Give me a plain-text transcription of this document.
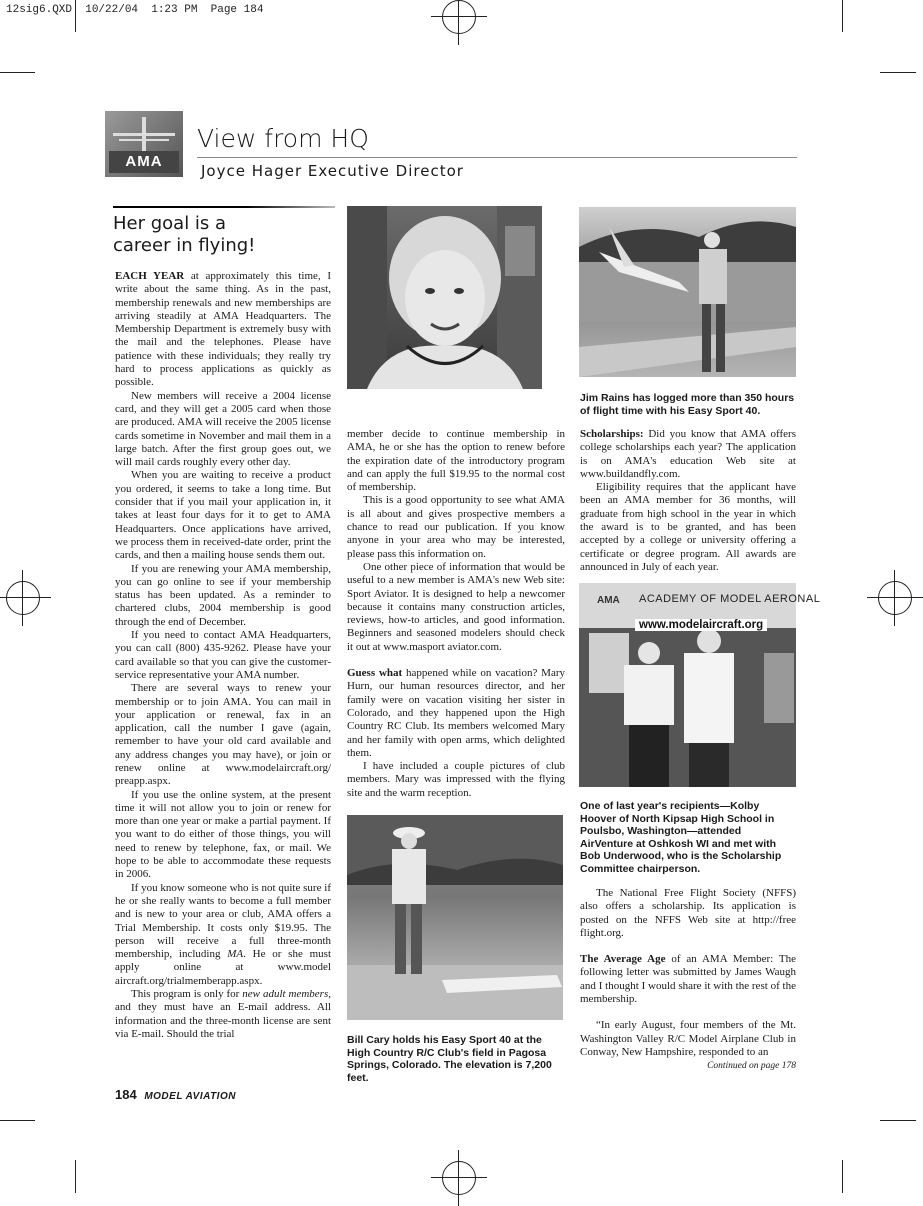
12sig6.QXD  10/22/04  1:23 PM  Page 184
AMA
View from HQ
Joyce Hager Executive Director
Her goal is a
career in flying!

EACH YEAR at approximately this time, I write about the same thing. As in the past, membership renewals and new memberships are arriving steadily at AMA Headquarters. The Membership Department is extremely busy with the mail and the telephones. Please have patience with these individuals; they really try hard to process applications as quickly as possible.

New members will receive a 2004 license card, and they will get a 2005 card when those are produced. AMA will receive the 2005 license cards sometime in November and mail them in a large batch. After the first group goes out, we will mail cards roughly every other day.

When you are waiting to receive a product you ordered, it seems to take a long time. But consider that if you mail your application in, it takes at least four days for it to get to AMA Headquarters. Once applications have arrived, we process them in received-date order, print the cards, and then a mailing house sends them out.

If you are renewing your AMA membership, you can go online to see if your membership status has been updated. As a reminder to chartered clubs, 2004 membership is good through the end of December.

If you need to contact AMA Headquarters, you can call (800) 435-9262. Please have your card available so that you can give the customer-service representative your AMA number.

There are several ways to renew your membership or to join AMA. You can mail in your application or renewal, fax in an application, call the number I gave (again, remember to have your old card available and any address changes you may have), or join or renew online at www.modelaircraft.org/ preapp.aspx.

If you use the online system, at the present time it will not allow you to join or renew for more than one year or make a partial payment. If you want to do either of those things, you will need to renew by telephone, fax, or mail. We hope to be able to accommodate these requests in 2006.

If you know someone who is not quite sure if he or she really wants to become a full member and is new to your area or club, AMA offers a Trial Membership. It costs only $19.95. The person will receive a full three-month membership, including MA. He or she must apply online at www.model aircraft.org/trialmemberapp.aspx.

This program is only for new adult members, and they must have an E-mail address. All information and the three-month license are sent via E-mail. Should the trial

member decide to continue membership in AMA, he or she has the option to renew before the expiration date of the introductory program and can apply the full $19.95 to the normal cost of membership.

This is a good opportunity to see what AMA is all about and gives prospective members a chance to read our publication. If you know anyone in your area who may be interested, please pass this information on.

One other piece of information that would be useful to a new member is AMA's new Web site: Sport Aviator. It is designed to help a newcomer because it contains many construction articles, reviews, how-to articles, and good information. Beginners and seasoned modelers should check it out at www.masport aviator.com.

Guess what happened while on vacation? Mary Hurn, our human resources director, and her family were on vacation visiting her sister in Colorado, and they happened upon the High Country RC Club. Its members welcomed Mary and her family with open arms, which delighted them.

I have included a couple pictures of club members. Mary was impressed with the flying site and the warm reception.

Scholarships: Did you know that AMA offers college scholarships each year? The application is on AMA's education Web site at www.buildandfly.com.

Eligibility requires that the applicant have been an AMA member for 36 months, will graduate from high school in the year in which the award is to be granted, and has been accepted by a college or university offering a certificate or degree program. All awards are announced in July of each year.

The National Free Flight Society (NFFS) also offers a scholarship. Its application is posted on the NFFS Web site at http://free flight.org.

The Average Age of an AMA Member: The following letter was submitted by James Waugh and I thought I would share it with the rest of the membership.

“In early August, four members of the Mt. Washington Valley R/C Model Airplane Club in Conway, New Hampshire, responded to an

Continued on page 178
Jim Rains has logged more than 350 hours of flight time with his Easy Sport 40.
AMA ACADEMY OF MODEL AERONAL
www.modelaircraft.org
One of last year's recipients—Kolby Hoover of North Kipsap High School in Poulsbo, Washington—attended AirVenture at Oshkosh WI and met with Bob Underwood, who is the Scholarship Committee chairperson.
Bill Cary holds his Easy Sport 40 at the High Country R/C Club's field in Pagosa Springs, Colorado. The elevation is 7,200 feet.
184 MODEL AVIATION
